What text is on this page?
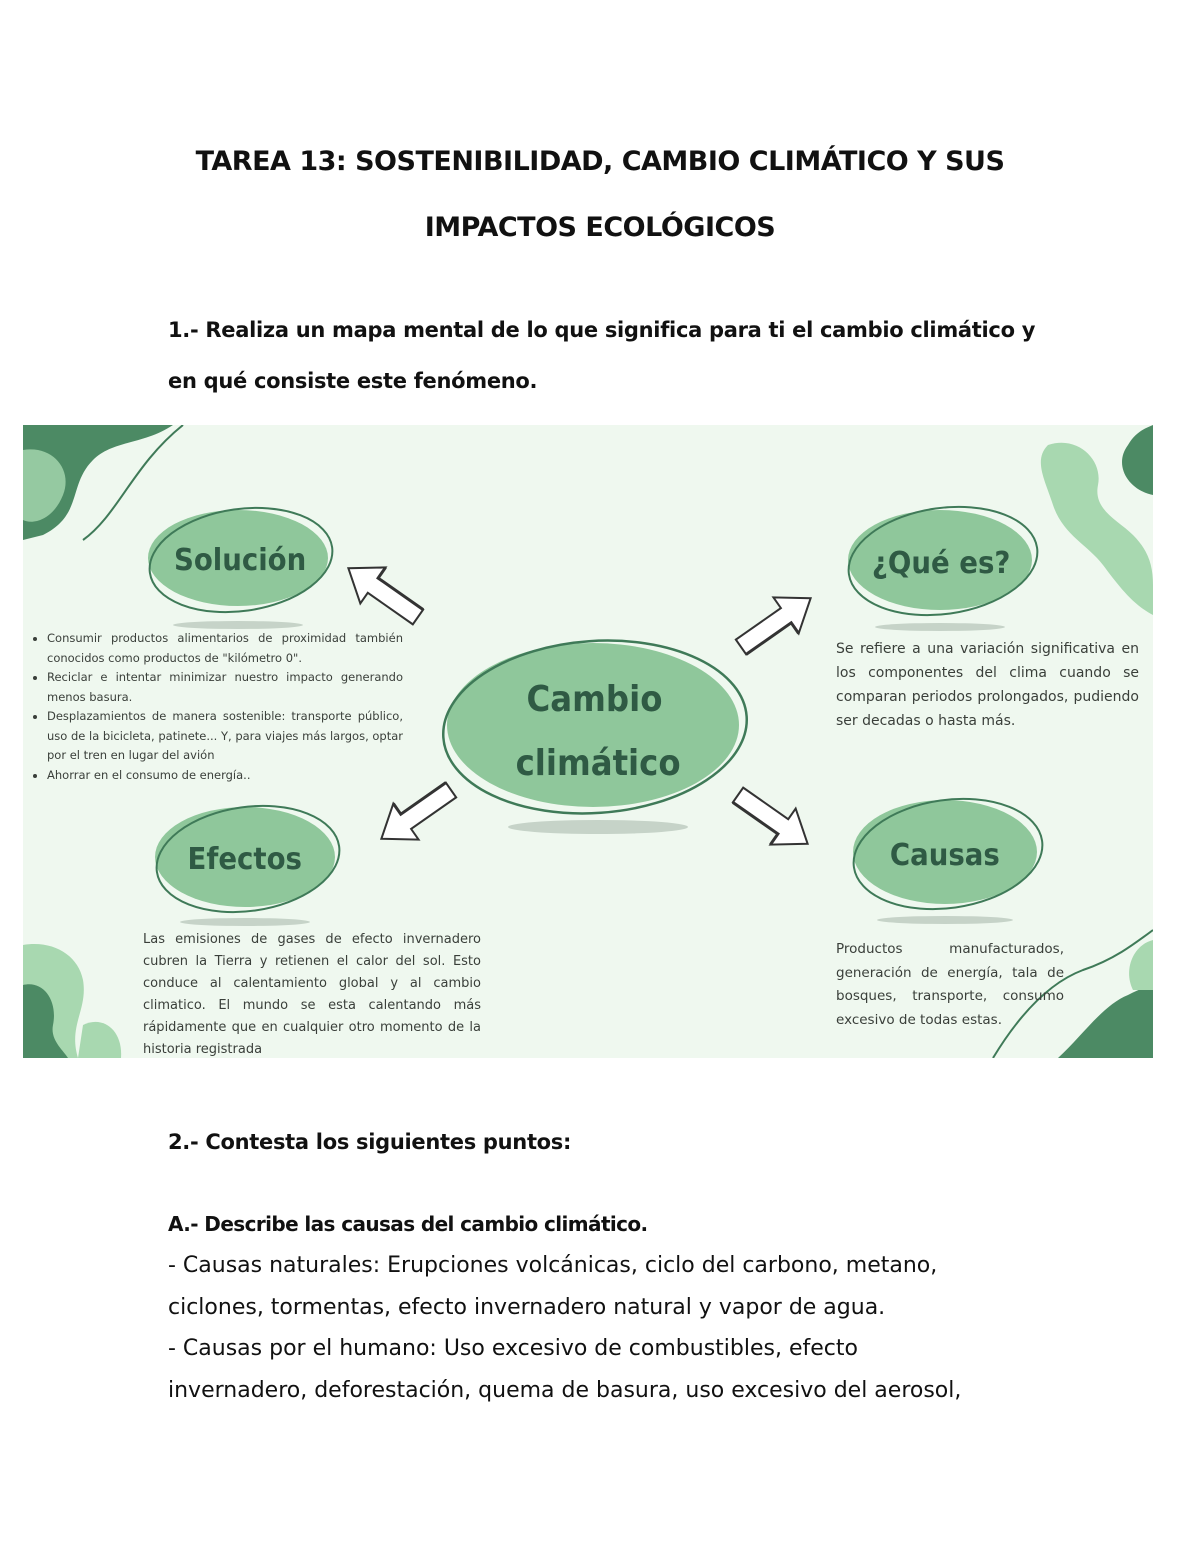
TAREA 13: SOSTENIBILIDAD, CAMBIO CLIMÁTICO Y SUS
IMPACTOS ECOLÓGICOS

1.- Realiza un mapa mental de lo que significa para ti el cambio climático y

en qué consiste este fenómeno.

Solución	¿Qué es?
Efectos	Causas
Cambio
climático
• Consumir productos alimentarios de proximidad también conocidos como productos de "kilómetro 0".
• Reciclar e intentar minimizar nuestro impacto generando menos basura.
• Desplazamientos de manera sostenible: transporte público, uso de la bicicleta, patinete... Y, para viajes más largos, optar por el tren en lugar del avión
• Ahorrar en el consumo de energía..

Se refiere a una variación significativa en los componentes del clima cuando se comparan periodos prolongados, pudiendo ser decadas o hasta más.

Las emisiones de gases de efecto invernadero cubren la Tierra y retienen el calor del sol. Esto conduce al calentamiento global y al cambio climatico. El mundo se esta calentando más rápidamente que en cualquier otro momento de la historia registrada

Productos manufacturados, generación de energía, tala de bosques, transporte, consumo excesivo de todas estas.

2.- Contesta los siguientes puntos:

A.- Describe las causas del cambio climático.

- Causas naturales: Erupciones volcánicas, ciclo del carbono, metano,

ciclones, tormentas, efecto invernadero natural y vapor de agua.

- Causas por el humano: Uso excesivo de combustibles, efecto

invernadero, deforestación, quema de basura, uso excesivo del aerosol,
